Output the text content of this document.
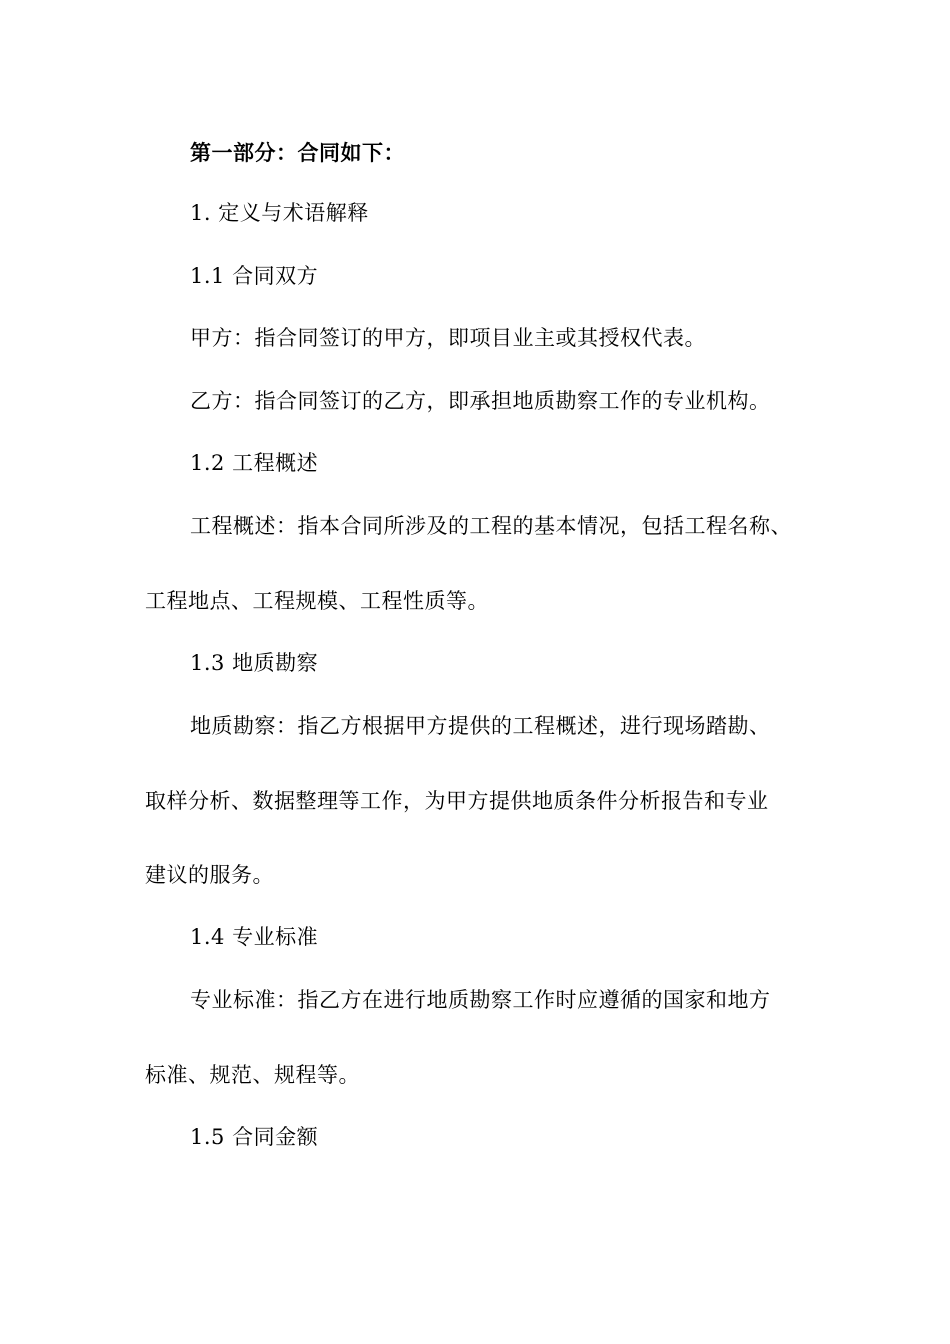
第一部分：合同如下：
1. 定义与术语解释
1.1 合同双方
甲方：指合同签订的甲方，即项目业主或其授权代表。
乙方：指合同签订的乙方，即承担地质勘察工作的专业机构。
1.2 工程概述
工程概述：指本合同所涉及的工程的基本情况，包括工程名称、
工程地点、工程规模、工程性质等。
1.3 地质勘察
地质勘察：指乙方根据甲方提供的工程概述，进行现场踏勘、
取样分析、数据整理等工作，为甲方提供地质条件分析报告和专业
建议的服务。
1.4 专业标准
专业标准：指乙方在进行地质勘察工作时应遵循的国家和地方
标准、规范、规程等。
1.5 合同金额
